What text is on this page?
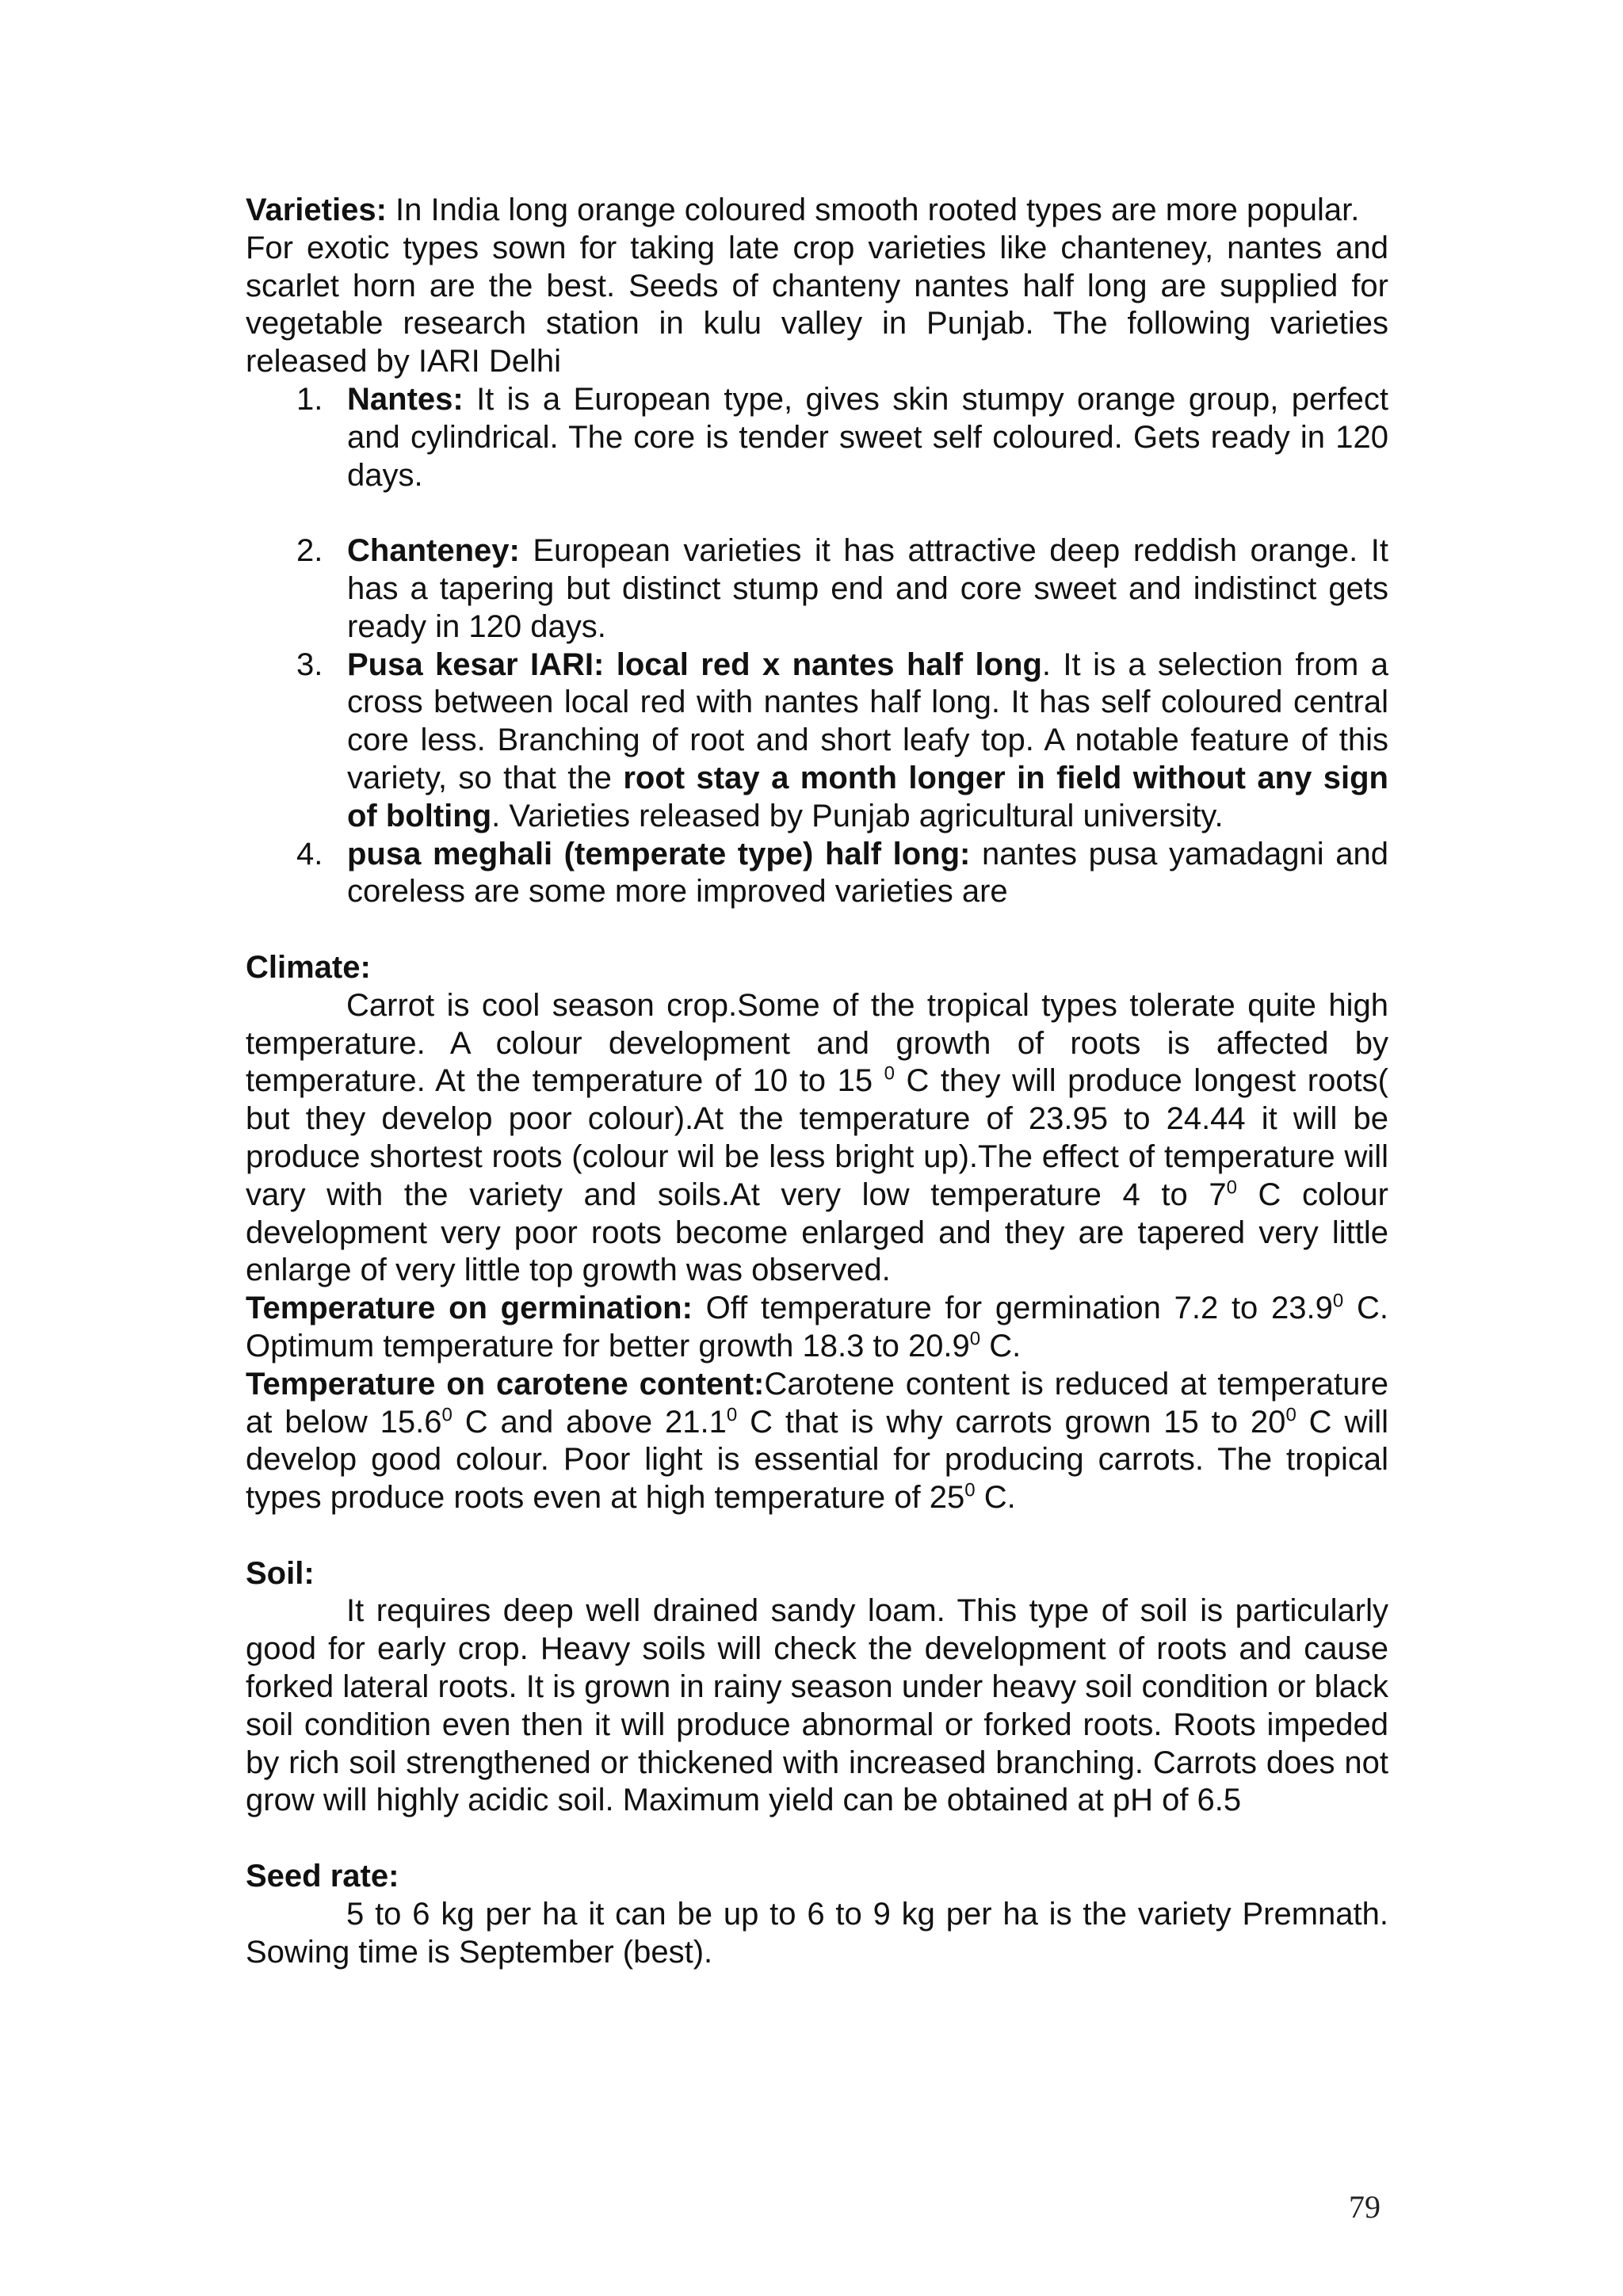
Varieties: In India long orange coloured smooth rooted types are more popular.

For exotic types sown for taking late crop varieties like chanteney, nantes and scarlet horn are the best. Seeds of chanteny nantes half long are supplied for vegetable research station in kulu valley in Punjab. The following varieties released by IARI Delhi

1. Nantes: It is a European type, gives skin stumpy orange group, perfect and cylindrical. The core is tender sweet self coloured. Gets ready in 120 days.
2. Chanteney: European varieties it has attractive deep reddish orange. It has a tapering but distinct stump end and core sweet and indistinct gets ready in 120 days.
3. Pusa kesar IARI: local red x nantes half long. It is a selection from a cross between local red with nantes half long. It has self coloured central core less. Branching of root and short leafy top. A notable feature of this variety, so that the root stay a month longer in field without any sign of bolting. Varieties released by Punjab agricultural university.
4. pusa meghali (temperate type) half long: nantes pusa yamadagni and coreless are some more improved varieties are

Climate:

Carrot is cool season crop.Some of the tropical types tolerate quite high temperature. A colour development and growth of roots is affected by temperature. At the temperature of 10 to 15 $^0$ C they will produce longest roots( but they develop poor colour).At the temperature of 23.95 to 24.44 it will be produce shortest roots (colour wil be less bright up).The effect of temperature will vary with the variety and soils.At very low temperature 4 to $7^0$ C colour development very poor roots become enlarged and they are tapered very little enlarge of very little top growth was observed.

Temperature on germination: Off temperature for germination 7.2 to 23.9$^0$ C. Optimum temperature for better growth 18.3 to 20.9$^0$ C.

Temperature on carotene content:Carotene content is reduced at temperature at below 15.6$^0$ C and above 21.1$^0$ C that is why carrots grown 15 to $20^0$ C will develop good colour. Poor light is essential for producing carrots. The tropical types produce roots even at high temperature of $25^0$ C.

Soil:

It requires deep well drained sandy loam. This type of soil is particularly good for early crop. Heavy soils will check the development of roots and cause forked lateral roots. It is grown in rainy season under heavy soil condition or black soil condition even then it will produce abnormal or forked roots. Roots impeded by rich soil strengthened or thickened with increased branching. Carrots does not grow will highly acidic soil. Maximum yield can be obtained at pH of 6.5

Seed rate:

5 to 6 kg per ha it can be up to 6 to 9 kg per ha is the variety Premnath. Sowing time is September (best).

79
